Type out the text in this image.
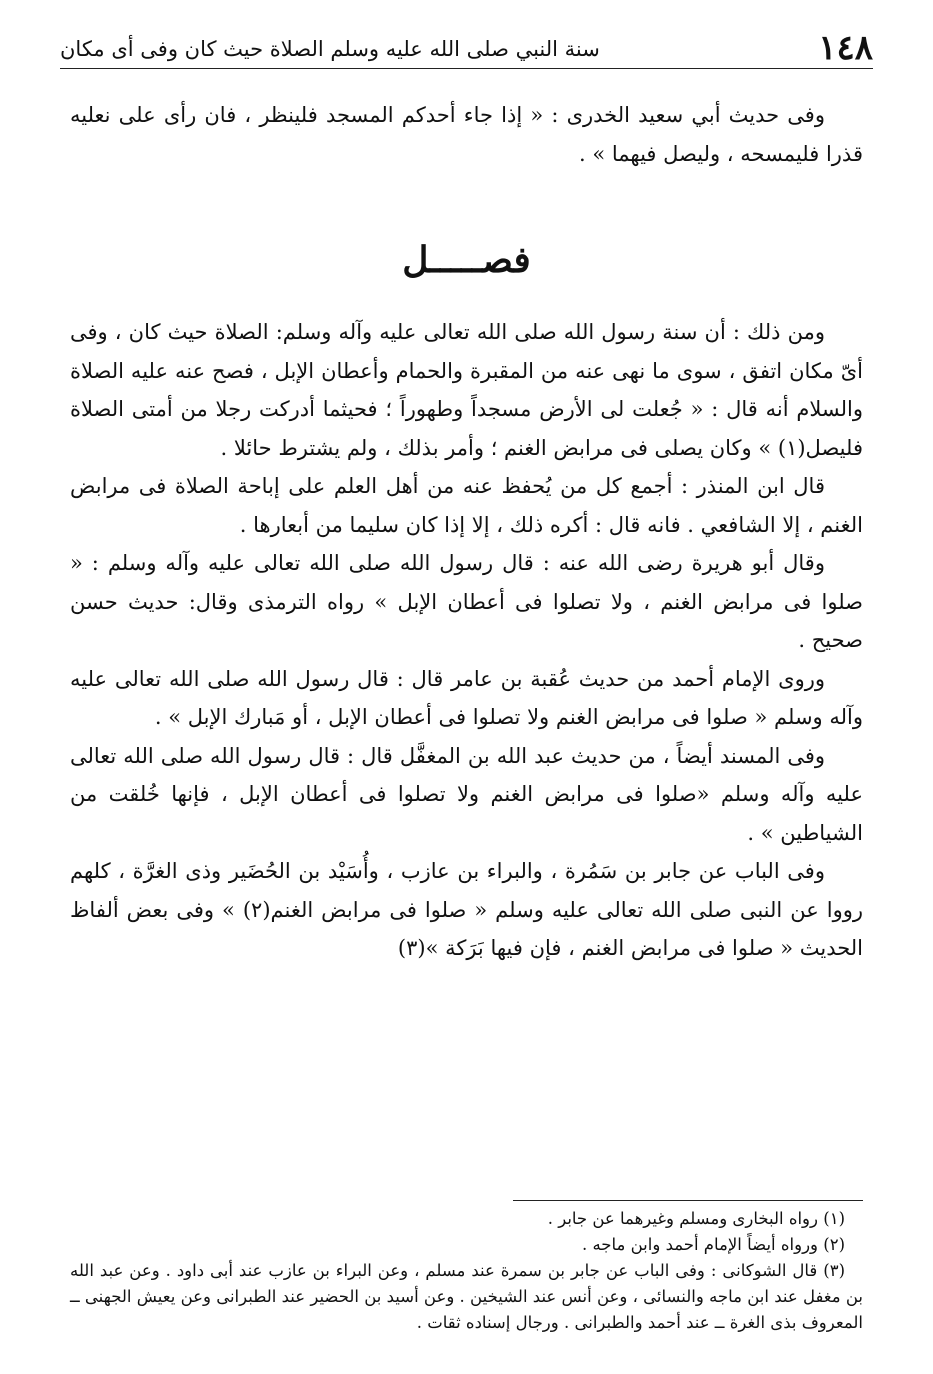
١٤٨
سنة النبي صلى الله عليه وسلم الصلاة حيث كان وفى أى مكان

وفى حديث أبي سعيد الخدرى : « إذا جاء أحدكم المسجد فلينظر ، فان رأى على نعليه قذرا فليمسحه ، وليصل فيهما » .

فصـــــل

ومن ذلك : أن سنة رسول الله صلى الله تعالى عليه وآله وسلم: الصلاة حيث كان ، وفى أىّ مكان اتفق ، سوى ما نهى عنه من المقبرة والحمام وأعطان الإبل ، فصح عنه عليه الصلاة والسلام أنه قال : « جُعلت لى الأرض مسجداً وطهوراً ؛ فحيثما أدركت رجلا من أمتى الصلاة فليصل(١) » وكان يصلى فى مرابض الغنم ؛ وأمر بذلك ، ولم يشترط حائلا .

قال ابن المنذر : أجمع كل من يُحفظ عنه من أهل العلم على إباحة الصلاة فى مرابض الغنم ، إلا الشافعي . فانه قال : أكره ذلك ، إلا إذا كان سليما من أبعارها .

وقال أبو هريرة رضى الله عنه : قال رسول الله صلى الله تعالى عليه وآله وسلم : « صلوا فى مرابض الغنم ، ولا تصلوا فى أعطان الإبل » رواه الترمذى وقال: حديث حسن صحيح .

وروى الإمام أحمد من حديث عُقبة بن عامر قال : قال رسول الله صلى الله تعالى عليه وآله وسلم « صلوا فى مرابض الغنم ولا تصلوا فى أعطان الإبل ، أو مَبارك الإبل » .

وفى المسند أيضاً ، من حديث عبد الله بن المغفَّل قال : قال رسول الله صلى الله تعالى عليه وآله وسلم «صلوا فى مرابض الغنم ولا تصلوا فى أعطان الإبل ، فإنها خُلقت من الشياطين » .

وفى الباب عن جابر بن سَمُرة ، والبراء بن عازب ، وأُسَيْد بن الحُضَير وذى الغرَّة ، كلهم رووا عن النبى صلى الله تعالى عليه وسلم « صلوا فى مرابض الغنم(٢) » وفى بعض ألفاظ الحديث « صلوا فى مرابض الغنم ، فإن فيها بَرَكة »(٣)

(١) رواه البخارى ومسلم وغيرهما عن جابر .

(٢) ورواه أيضاً الإمام أحمد وابن ماجه .

(٣) قال الشوكانى : وفى الباب عن جابر بن سمرة عند مسلم ، وعن البراء بن عازب عند أبى داود . وعن عبد الله بن مغفل عند ابن ماجه والنسائى ، وعن أنس عند الشيخين . وعن أسيد بن الحضير عند الطبرانى وعن يعيش الجهنى ــ المعروف بذى الغرة ــ عند أحمد والطبرانى . ورجال إسناده ثقات .
